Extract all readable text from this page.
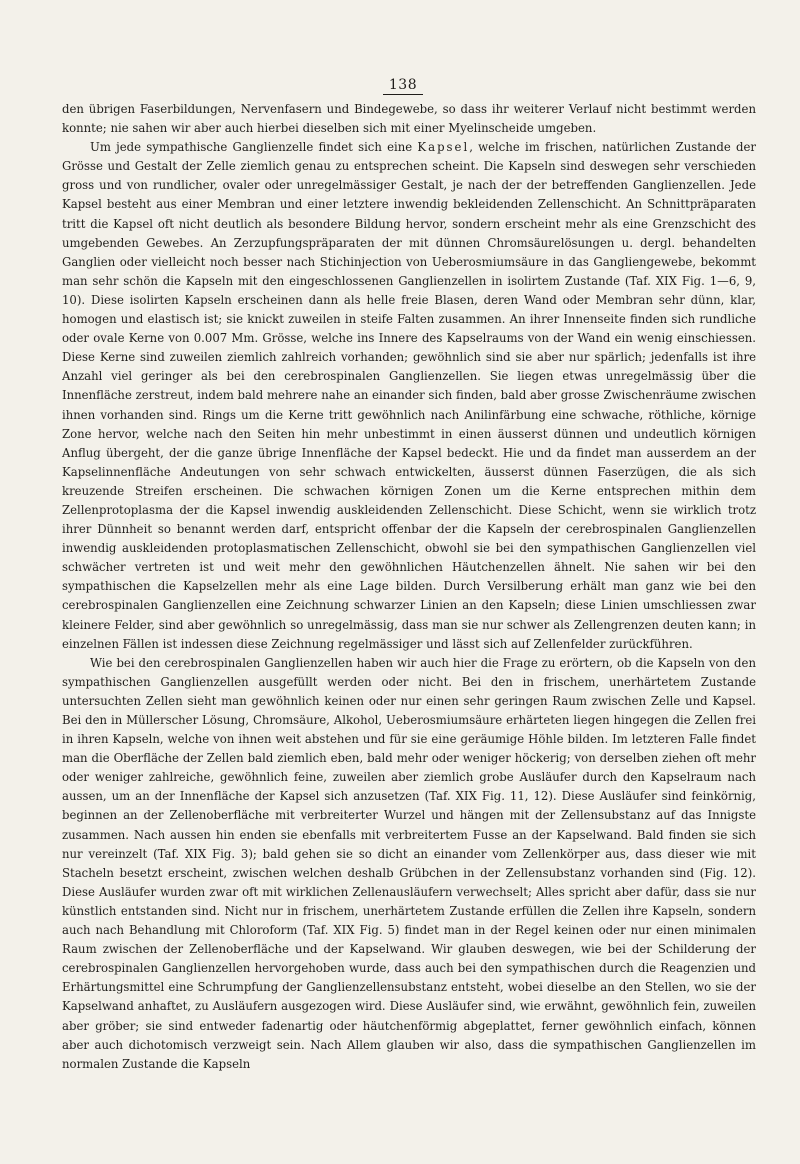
138

den übrigen Faserbildungen, Nervenfasern und Bindegewebe, so dass ihr weiterer Verlauf nicht bestimmt werden konnte; nie sahen wir aber auch hierbei dieselben sich mit einer Myelinscheide umgeben.

Um jede sympathische Ganglienzelle findet sich eine Kapsel, welche im frischen, natürlichen Zustande der Grösse und Gestalt der Zelle ziemlich genau zu entsprechen scheint. Die Kapseln sind deswegen sehr verschieden gross und von rundlicher, ovaler oder unregelmässiger Gestalt, je nach der der betreffenden Ganglienzellen. Jede Kapsel besteht aus einer Membran und einer letztere inwendig bekleidenden Zellenschicht. An Schnittpräparaten tritt die Kapsel oft nicht deutlich als besondere Bildung hervor, sondern erscheint mehr als eine Grenzschicht des umgebenden Gewebes. An Zerzupfungspräparaten der mit dünnen Chromsäurelösungen u. dergl. behandelten Ganglien oder vielleicht noch besser nach Stichinjection von Ueberosmiumsäure in das Gangliengewebe, bekommt man sehr schön die Kapseln mit den eingeschlossenen Ganglienzellen in isolirtem Zustande (Taf. XIX Fig. 1—6, 9, 10). Diese isolirten Kapseln erscheinen dann als helle freie Blasen, deren Wand oder Membran sehr dünn, klar, homogen und elastisch ist; sie knickt zuweilen in steife Falten zusammen. An ihrer Innenseite finden sich rundliche oder ovale Kerne von 0.007 Mm. Grösse, welche ins Innere des Kapselraums von der Wand ein wenig einschiessen. Diese Kerne sind zuweilen ziemlich zahlreich vorhanden; gewöhnlich sind sie aber nur spärlich; jedenfalls ist ihre Anzahl viel geringer als bei den cerebrospinalen Ganglienzellen. Sie liegen etwas unregelmässig über die Innenfläche zerstreut, indem bald mehrere nahe an einander sich finden, bald aber grosse Zwischenräume zwischen ihnen vorhanden sind. Rings um die Kerne tritt gewöhnlich nach Anilinfärbung eine schwache, röthliche, körnige Zone hervor, welche nach den Seiten hin mehr unbestimmt in einen äusserst dünnen und undeutlich körnigen Anflug übergeht, der die ganze übrige Innenfläche der Kapsel bedeckt. Hie und da findet man ausserdem an der Kapselinnenfläche Andeutungen von sehr schwach entwickelten, äusserst dünnen Faserzügen, die als sich kreuzende Streifen erscheinen. Die schwachen körnigen Zonen um die Kerne entsprechen mithin dem Zellenprotoplasma der die Kapsel inwendig auskleidenden Zellenschicht. Diese Schicht, wenn sie wirklich trotz ihrer Dünnheit so benannt werden darf, entspricht offenbar der die Kapseln der cerebrospinalen Ganglienzellen inwendig auskleidenden protoplasmatischen Zellenschicht, obwohl sie bei den sympathischen Ganglienzellen viel schwächer vertreten ist und weit mehr den gewöhnlichen Häutchenzellen ähnelt. Nie sahen wir bei den sympathischen die Kapselzellen mehr als eine Lage bilden. Durch Versilberung erhält man ganz wie bei den cerebrospinalen Ganglienzellen eine Zeichnung schwarzer Linien an den Kapseln; diese Linien umschliessen zwar kleinere Felder, sind aber gewöhnlich so unregelmässig, dass man sie nur schwer als Zellengrenzen deuten kann; in einzelnen Fällen ist indessen diese Zeichnung regelmässiger und lässt sich auf Zellenfelder zurückführen.

Wie bei den cerebrospinalen Ganglienzellen haben wir auch hier die Frage zu erörtern, ob die Kapseln von den sympathischen Ganglienzellen ausgefüllt werden oder nicht. Bei den in frischem, unerhärtetem Zustande untersuchten Zellen sieht man gewöhnlich keinen oder nur einen sehr geringen Raum zwischen Zelle und Kapsel. Bei den in Müllerscher Lösung, Chromsäure, Alkohol, Ueberosmiumsäure erhärteten liegen hingegen die Zellen frei in ihren Kapseln, welche von ihnen weit abstehen und für sie eine geräumige Höhle bilden. Im letzteren Falle findet man die Oberfläche der Zellen bald ziemlich eben, bald mehr oder weniger höckerig; von derselben ziehen oft mehr oder weniger zahlreiche, gewöhnlich feine, zuweilen aber ziemlich grobe Ausläufer durch den Kapselraum nach aussen, um an der Innenfläche der Kapsel sich anzusetzen (Taf. XIX Fig. 11, 12). Diese Ausläufer sind feinkörnig, beginnen an der Zellenoberfläche mit verbreiterter Wurzel und hängen mit der Zellensubstanz auf das Innigste zusammen. Nach aussen hin enden sie ebenfalls mit verbreitertem Fusse an der Kapselwand. Bald finden sie sich nur vereinzelt (Taf. XIX Fig. 3); bald gehen sie so dicht an einander vom Zellenkörper aus, dass dieser wie mit Stacheln besetzt erscheint, zwischen welchen deshalb Grübchen in der Zellensubstanz vorhanden sind (Fig. 12). Diese Ausläufer wurden zwar oft mit wirklichen Zellenausläufern verwechselt; Alles spricht aber dafür, dass sie nur künstlich entstanden sind. Nicht nur in frischem, unerhärtetem Zustande erfüllen die Zellen ihre Kapseln, sondern auch nach Behandlung mit Chloroform (Taf. XIX Fig. 5) findet man in der Regel keinen oder nur einen minimalen Raum zwischen der Zellenoberfläche und der Kapselwand. Wir glauben deswegen, wie bei der Schilderung der cerebrospinalen Ganglienzellen hervorgehoben wurde, dass auch bei den sympathischen durch die Reagenzien und Erhärtungsmittel eine Schrumpfung der Ganglienzellensubstanz entsteht, wobei dieselbe an den Stellen, wo sie der Kapselwand anhaftet, zu Ausläufern ausgezogen wird. Diese Ausläufer sind, wie erwähnt, gewöhnlich fein, zuweilen aber gröber; sie sind entweder fadenartig oder häutchenförmig abgeplattet, ferner gewöhnlich einfach, können aber auch dichotomisch verzweigt sein. Nach Allem glauben wir also, dass die sympathischen Ganglienzellen im normalen Zustande die Kapseln
